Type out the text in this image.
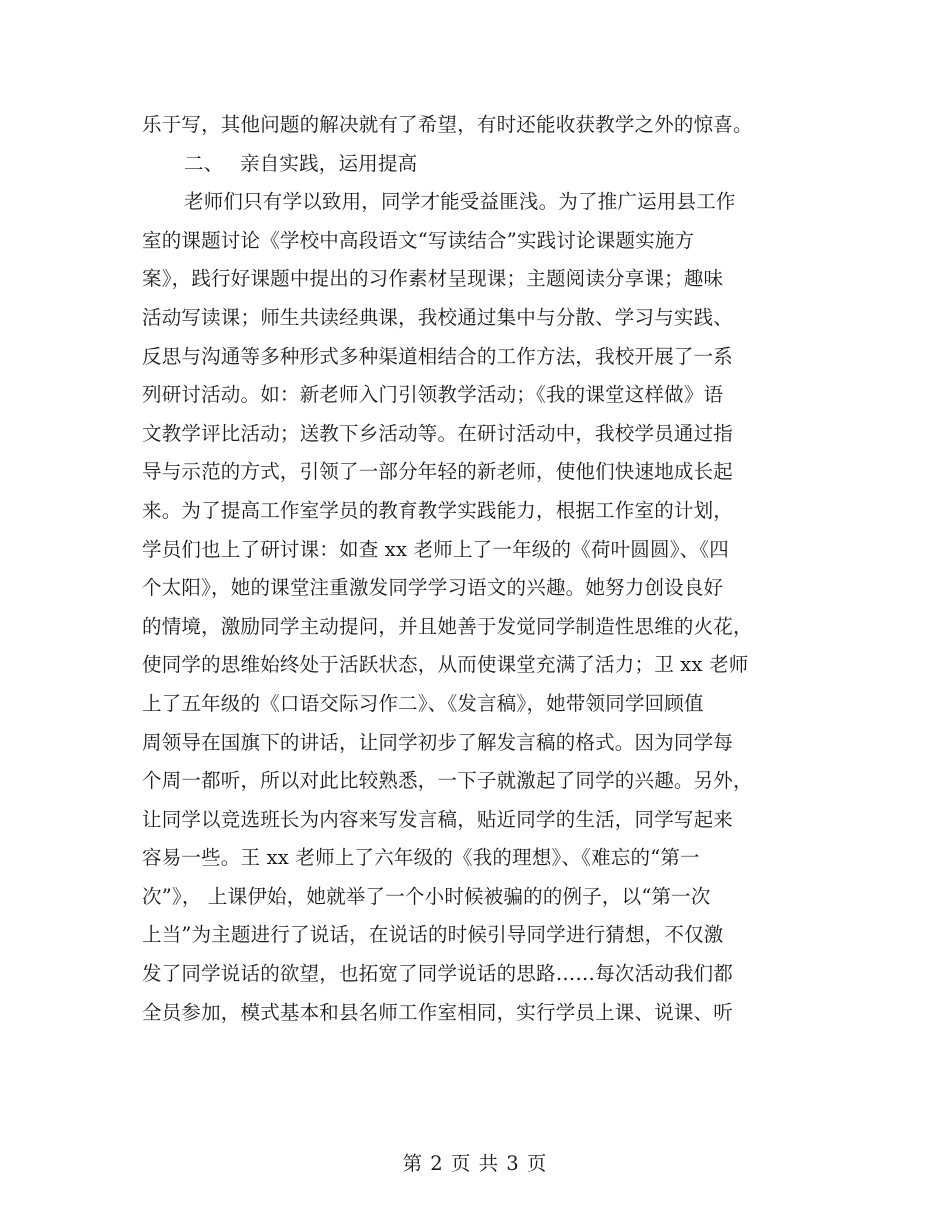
乐于写，其他问题的解决就有了希望，有时还能收获教学之外的惊喜。
二、 亲自实践，运用提高
老师们只有学以致用，同学才能受益匪浅。为了推广运用县工作
室的课题讨论《学校中高段语文“写读结合”实践讨论课题实施方
案》，践行好课题中提出的习作素材呈现课；主题阅读分享课；趣味
活动写读课；师生共读经典课，我校通过集中与分散、学习与实践、
反思与沟通等多种形式多种渠道相结合的工作方法，我校开展了一系
列研讨活动。如：新老师入门引领教学活动；《我的课堂这样做》语
文教学评比活动；送教下乡活动等。在研讨活动中，我校学员通过指
导与示范的方式，引领了一部分年轻的新老师，使他们快速地成长起
来。为了提高工作室学员的教育教学实践能力，根据工作室的计划，
学员们也上了研讨课：如查 xx 老师上了一年级的《荷叶圆圆》、《四
个太阳》，她的课堂注重激发同学学习语文的兴趣。她努力创设良好
的情境，激励同学主动提问，并且她善于发觉同学制造性思维的火花，
使同学的思维始终处于活跃状态，从而使课堂充满了活力；卫 xx 老师
上了五年级的《口语交际习作二》、《发言稿》，她带领同学回顾值
周领导在国旗下的讲话，让同学初步了解发言稿的格式。因为同学每
个周一都听，所以对此比较熟悉，一下子就激起了同学的兴趣。另外，
让同学以竞选班长为内容来写发言稿，贴近同学的生活，同学写起来
容易一些。王 xx 老师上了六年级的《我的理想》、《难忘的“第一
次”》， 上课伊始，她就举了一个小时候被骗的的例子，以“第一次
上当”为主题进行了说话，在说话的时候引导同学进行猜想，不仅激
发了同学说话的欲望，也拓宽了同学说话的思路……每次活动我们都
全员参加，模式基本和县名师工作室相同，实行学员上课、说课、听
第 2 页 共 3 页
